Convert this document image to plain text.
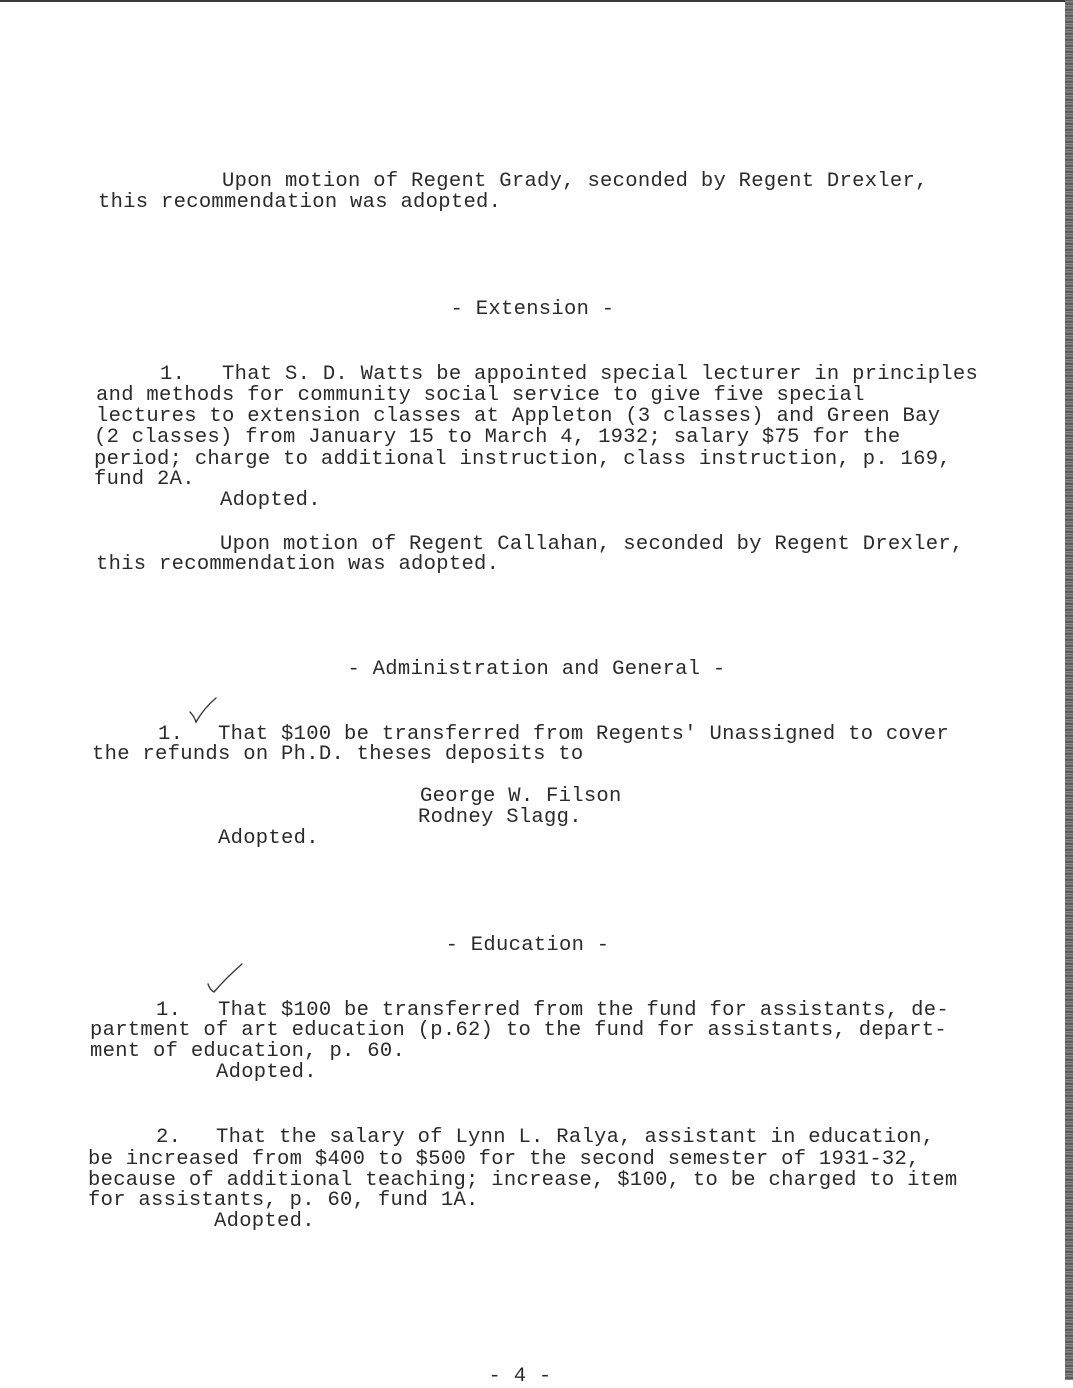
Upon motion of Regent Grady, seconded by Regent Drexler,
this recommendation was adopted.
- Extension -
1. That S. D. Watts be appointed special lecturer in principles
and methods for community social service to give five special
lectures to extension classes at Appleton (3 classes) and Green Bay
(2 classes) from January 15 to March 4, 1932; salary $75 for the
period; charge to additional instruction, class instruction, p. 169,
fund 2A.
Adopted.
Upon motion of Regent Callahan, seconded by Regent Drexler,
this recommendation was adopted.
- Administration and General -
1. That $100 be transferred from Regents' Unassigned to cover
the refunds on Ph.D. theses deposits to
George W. Filson
Rodney Slagg.
Adopted.
- Education -
1. That $100 be transferred from the fund for assistants, de-
partment of art education (p.62) to the fund for assistants, depart-
ment of education, p. 60.
Adopted.
2. That the salary of Lynn L. Ralya, assistant in education,
be increased from $400 to $500 for the second semester of 1931-32,
because of additional teaching; increase, $100, to be charged to item
for assistants, p. 60, fund 1A.
Adopted.
- 4 -
